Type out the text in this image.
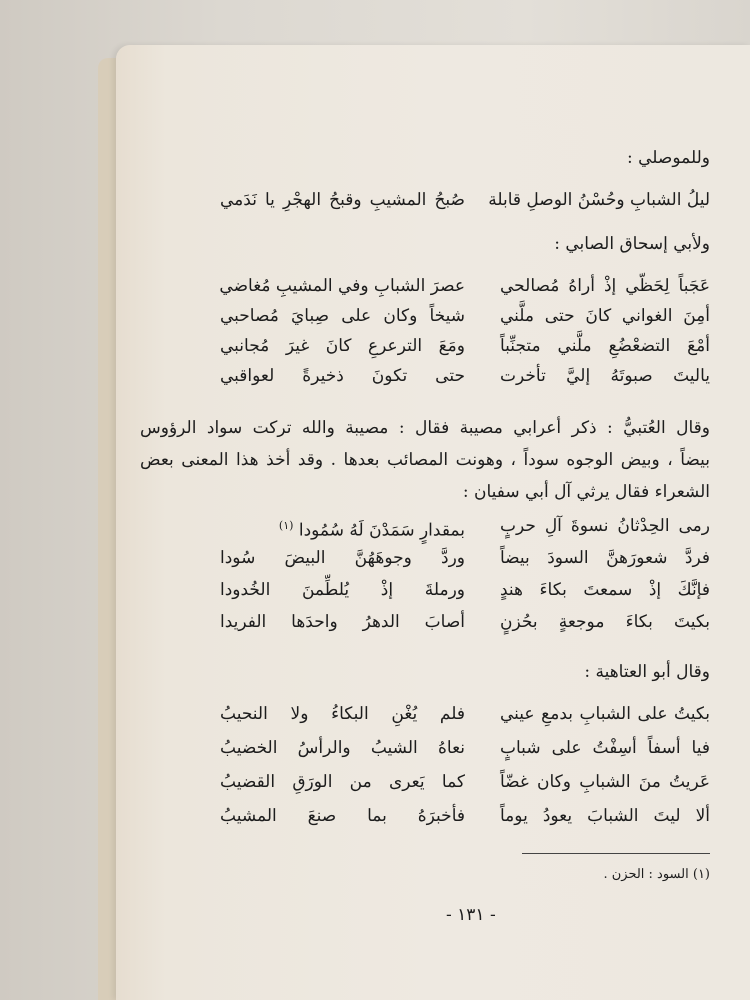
وللموصلي :
ليلُ الشبابِ وحُسْنُ الوصلِ قابلة
صُبحُ المشيبِ وقبحُ الهجْرِ يا نَدَمي
ولأبي إسحاق الصابي :
عَجَباً لِحَظّي إذْ أراهُ مُصالحي
عصرَ الشبابِ وفي المشيبِ مُغاضي
أمِنَ الغواني كانَ حتى ملَّني
شيخاً وكان على صِبايَ مُصاحبي
أمْعَ التضعْضُعِ ملَّني متجنِّباً
ومَعَ الترعرعِ كانَ غيرَ مُجانبي
ياليتَ صبوتَهُ إليَّ تأخرت
حتى تكونَ ذخيرةً لعواقبي
وقال العُتبيُّ : ذكر أعرابي مصيبة فقال : مصيبة والله تركت سواد الرؤوس
بيضاً ، وبيض الوجوه سوداً ، وهونت المصائب بعدها . وقد أخذ هذا المعنى بعض
الشعراء فقال يرثي آل أبي سفيان :
رمى الحِدْثانُ نسوةَ آلِ حربٍ
بمقدارٍ سَمَدْنَ لَهُ سُمُودا $^{(١)}$
فردَّ شعورَهنَّ السودَ بيضاً
وردَّ وجوهَهُنَّ البيضَ سُودا
فإنَّكَ إذْ سمعتَ بكاءَ هندٍ
ورملةَ إذْ يُلطِّمنَ الخُدودا
بكيتَ بكاءَ موجعةٍ بحُزنٍ
أصابَ الدهرُ واحدَها الفريدا
وقال أبو العتاهية :
بكيتُ على الشبابِ بدمعِ عيني
فلم يُغْنِ البكاءُ ولا النحيبُ
فيا أسفاً أسِفْتُ على شبابٍ
نعاهُ الشيبُ والرأسُ الخضيبُ
عَريتُ منَ الشبابِ وكان غضّاً
كما يَعرى من الورَقِ القضيبُ
ألا ليتَ الشبابَ يعودُ يوماً
فأخبرَهُ بما صنعَ المشيبُ
(١) السود : الحزن .
- ١٣١ -
